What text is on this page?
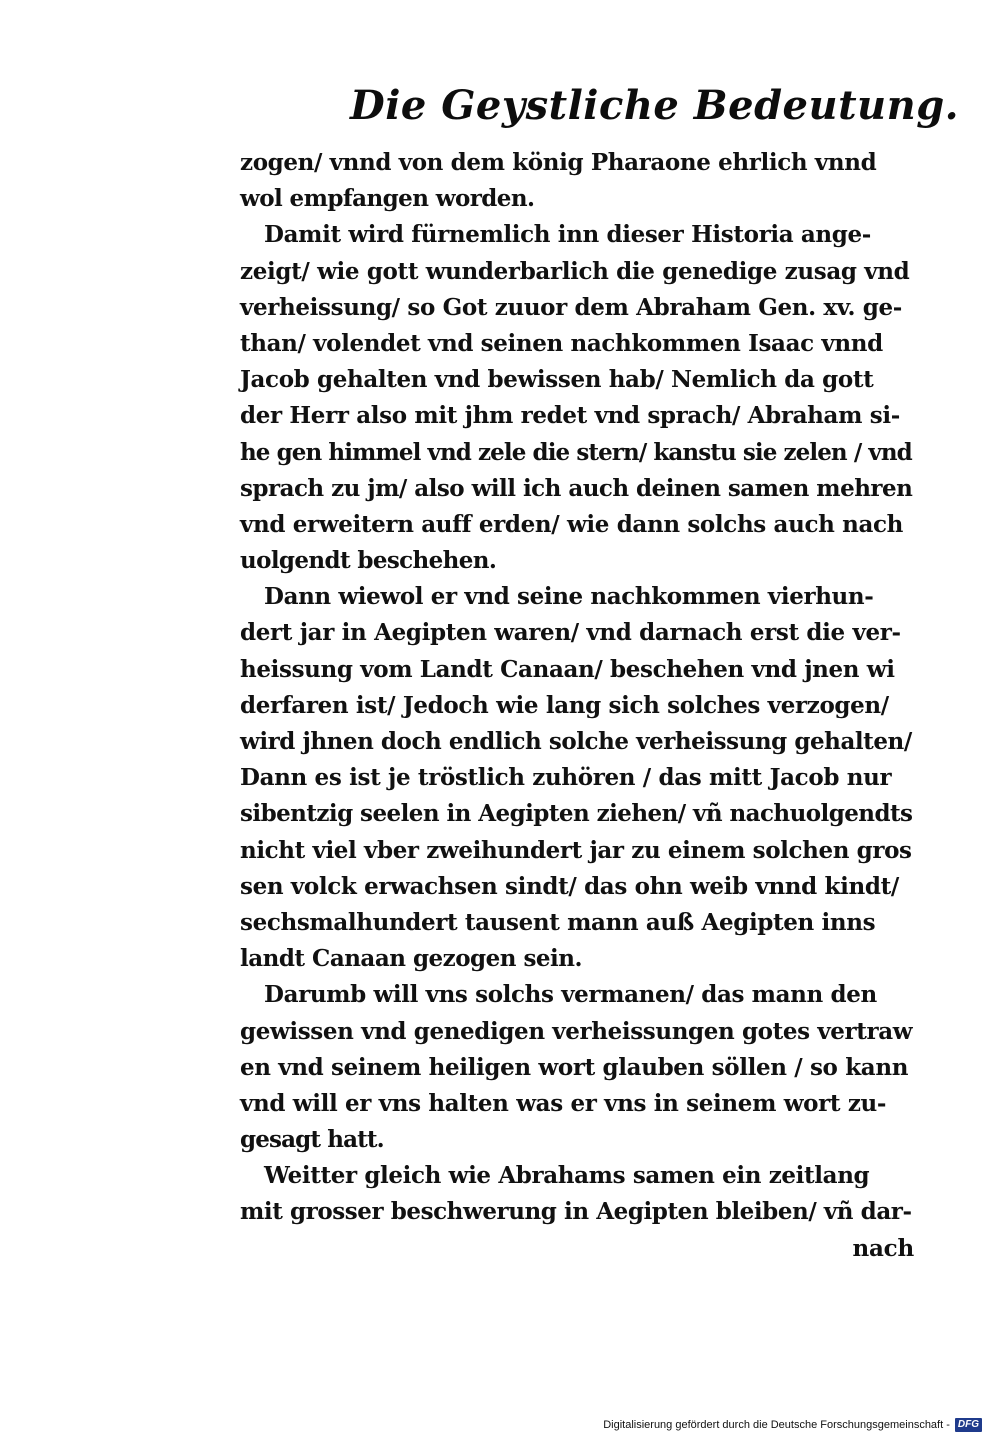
Die Geystliche Bedeutung.
zogen/ vnnd von dem könig Pharaone ehrlich vnnd
wol empfangen worden.
Damit wird fürnemlich inn dieser Historia ange-
zeigt/ wie gott wunderbarlich die genedige zusag vnd
verheissung/ so Got zuuor dem Abraham Gen. xv. ge-
than/ volendet vnd seinen nachkommen Isaac vnnd
Jacob gehalten vnd bewissen hab/ Nemlich da gott
der Herr also mit jhm redet vnd sprach/ Abraham si-
he gen himmel vnd zele die stern/ kanstu sie zelen / vnd
sprach zu jm/ also will ich auch deinen samen mehren
vnd erweitern auff erden/ wie dann solchs auch nach
uolgendt beschehen.
Dann wiewol er vnd seine nachkommen vierhun-
dert jar in Aegipten waren/ vnd darnach erst die ver-
heissung vom Landt Canaan/ beschehen vnd jnen wi
derfaren ist/ Jedoch wie lang sich solches verzogen/
wird jhnen doch endlich solche verheissung gehalten/
Dann es ist je tröstlich zuhören / das mitt Jacob nur
sibentzig seelen in Aegipten ziehen/ vñ nachuolgendts
nicht viel vber zweihundert jar zu einem solchen gros
sen volck erwachsen sindt/ das ohn weib vnnd kindt/
sechsmalhundert tausent mann auß Aegipten inns
landt Canaan gezogen sein.
Darumb will vns solchs vermanen/ das mann den
gewissen vnd genedigen verheissungen gotes vertraw
en vnd seinem heiligen wort glauben söllen / so kann
vnd will er vns halten was er vns in seinem wort zu-
gesagt hatt.
Weitter gleich wie Abrahams samen ein zeitlang
mit grosser beschwerung in Aegipten bleiben/ vñ dar-
nach
Digitalisierung gefördert durch die Deutsche Forschungsgemeinschaft - DFG
